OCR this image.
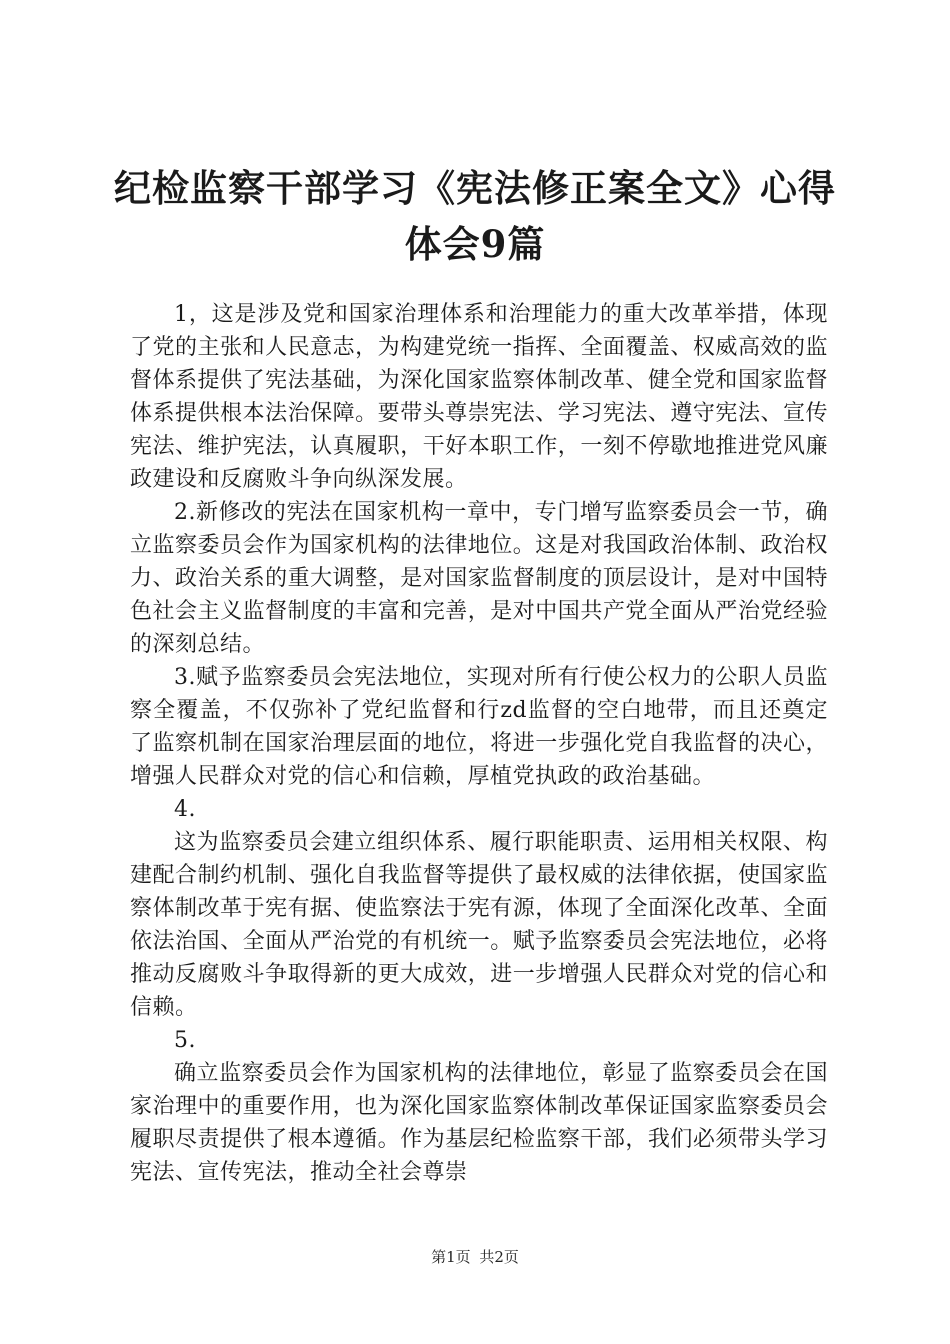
纪检监察干部学习《宪法修正案全文》心得体会9篇

1，这是涉及党和国家治理体系和治理能力的重大改革举措，体现了党的主张和人民意志，为构建党统一指挥、全面覆盖、权威高效的监督体系提供了宪法基础，为深化国家监察体制改革、健全党和国家监督体系提供根本法治保障。要带头尊崇宪法、学习宪法、遵守宪法、宣传宪法、维护宪法，认真履职，干好本职工作，一刻不停歇地推进党风廉政建设和反腐败斗争向纵深发展。

2.新修改的宪法在国家机构一章中，专门增写监察委员会一节，确立监察委员会作为国家机构的法律地位。这是对我国政治体制、政治权力、政治关系的重大调整，是对国家监督制度的顶层设计，是对中国特色社会主义监督制度的丰富和完善，是对中国共产党全面从严治党经验的深刻总结。

3.赋予监察委员会宪法地位，实现对所有行使公权力的公职人员监察全覆盖，不仅弥补了党纪监督和行zd监督的空白地带，而且还奠定了监察机制在国家治理层面的地位，将进一步强化党自我监督的决心，增强人民群众对党的信心和信赖，厚植党执政的政治基础。

4.

这为监察委员会建立组织体系、履行职能职责、运用相关权限、构建配合制约机制、强化自我监督等提供了最权威的法律依据，使国家监察体制改革于宪有据、使监察法于宪有源，体现了全面深化改革、全面依法治国、全面从严治党的有机统一。赋予监察委员会宪法地位，必将推动反腐败斗争取得新的更大成效，进一步增强人民群众对党的信心和信赖。

5.

确立监察委员会作为国家机构的法律地位，彰显了监察委员会在国家治理中的重要作用，也为深化国家监察体制改革保证国家监察委员会履职尽责提供了根本遵循。作为基层纪检监察干部，我们必须带头学习宪法、宣传宪法，推动全社会尊崇

第1页 共2页
